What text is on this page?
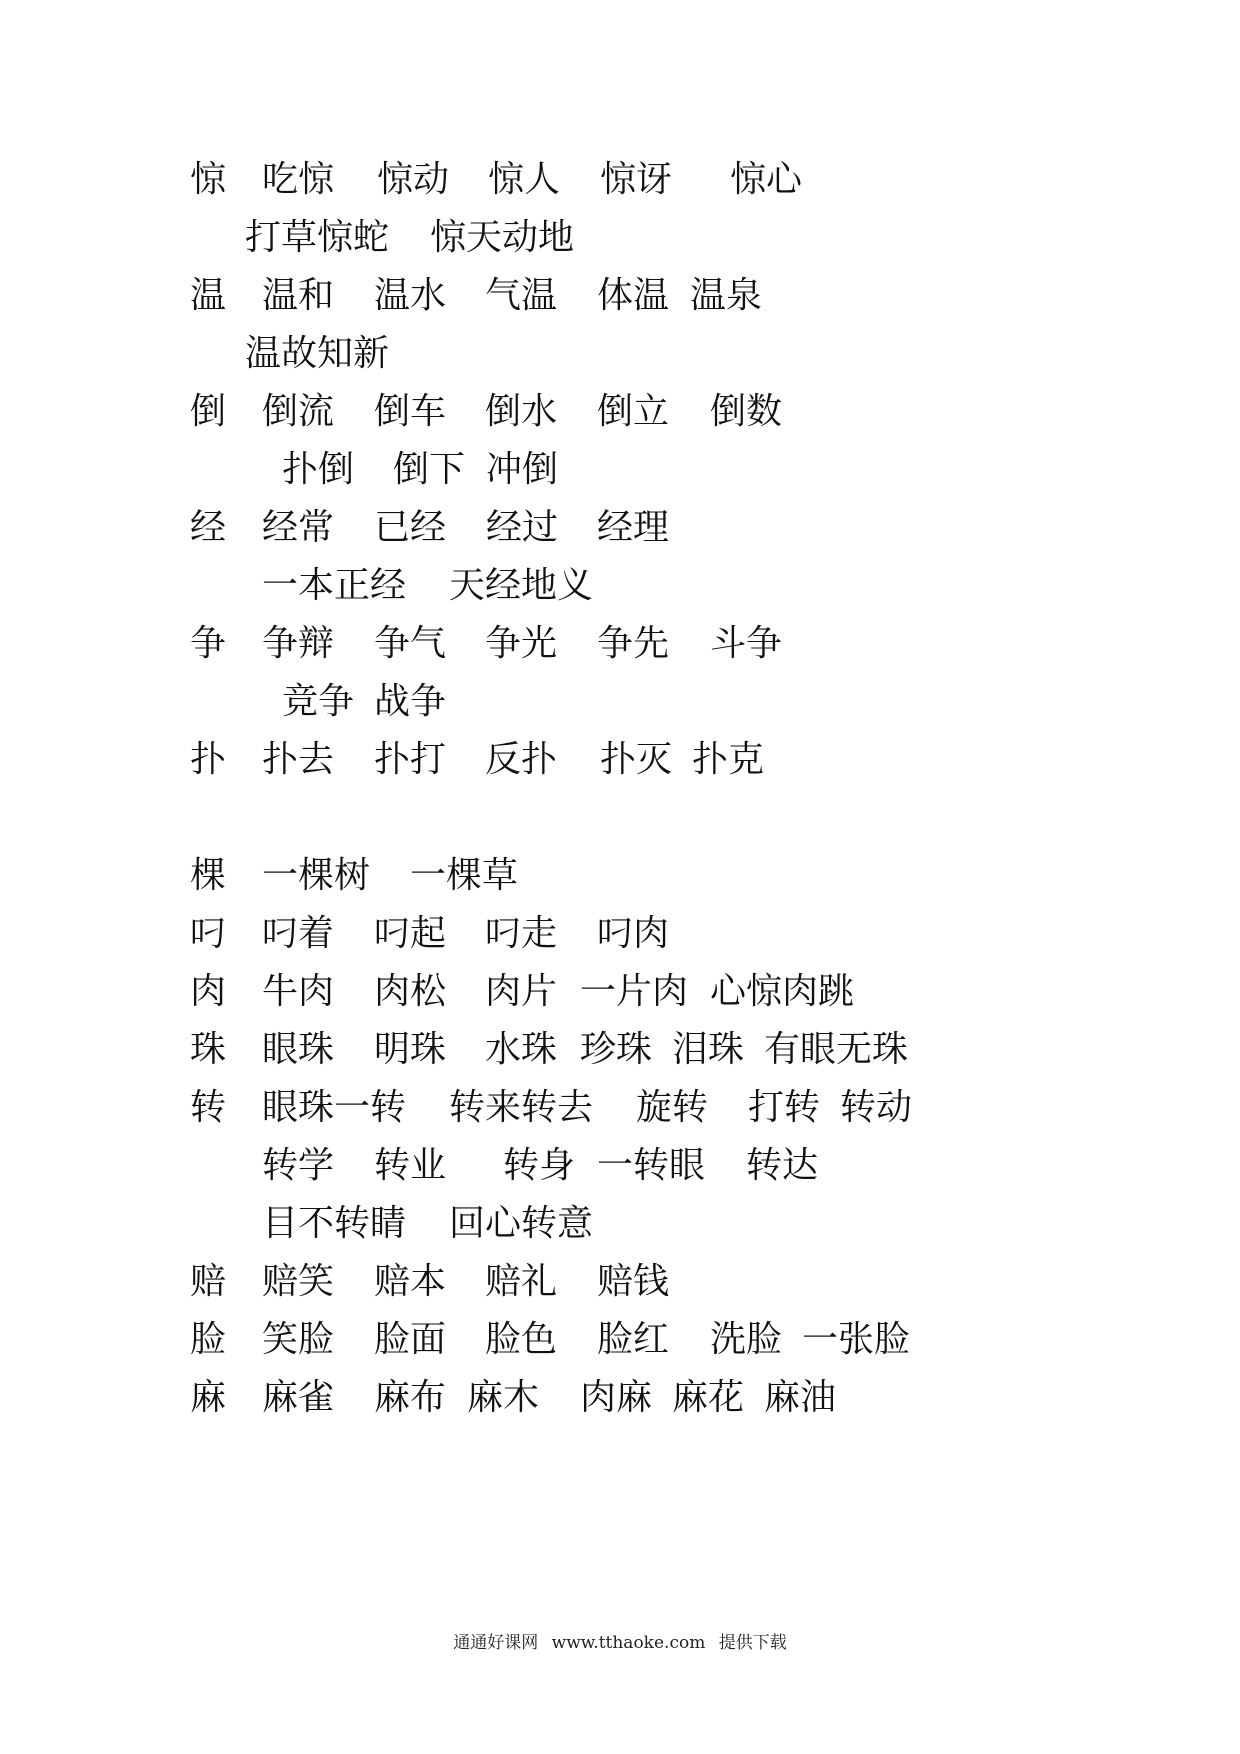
惊 吃惊 惊动 惊人 惊讶 惊心
打草惊蛇 惊天动地
温 温和 温水 气温 体温 温泉
温故知新
倒 倒流 倒车 倒水 倒立 倒数
扑倒 倒下 冲倒
经 经常 已经 经过 经理
一本正经 天经地义
争 争辩 争气 争光 争先 斗争
竞争 战争
扑 扑去 扑打 反扑 扑灭 扑克
棵 一棵树 一棵草
叼 叼着 叼起 叼走 叼肉
肉 牛肉 肉松 肉片 一片肉 心惊肉跳
珠 眼珠 明珠 水珠 珍珠 泪珠 有眼无珠
转 眼珠一转 转来转去 旋转 打转 转动
转学 转业 转身 一转眼 转达
目不转睛 回心转意
赔 赔笑 赔本 赔礼 赔钱
脸 笑脸 脸面 脸色 脸红 洗脸 一张脸
麻 麻雀 麻布 麻木 肉麻 麻花 麻油
通通好课网 www.tthaoke.com 提供下载
